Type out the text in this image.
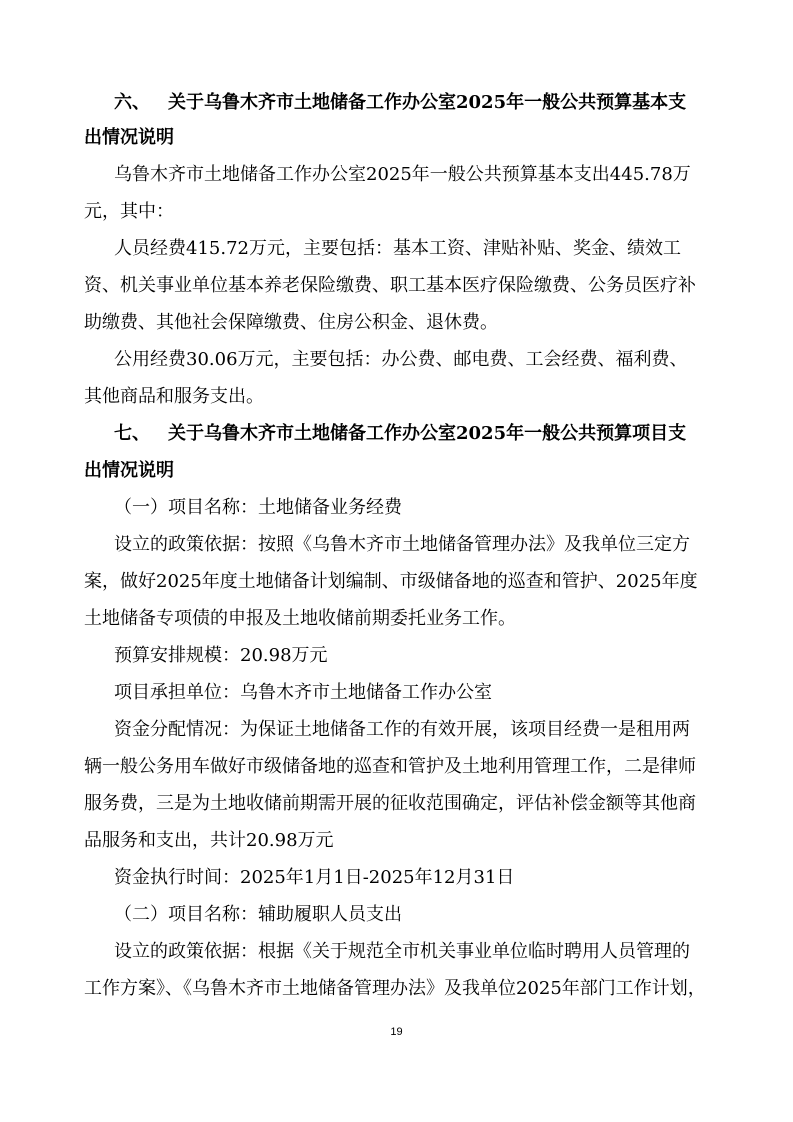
六、 关于乌鲁木齐市土地储备工作办公室2025年一般公共预算基本支
出情况说明
乌鲁木齐市土地储备工作办公室2025年一般公共预算基本支出445.78万
元，其中：
人员经费415.72万元，主要包括：基本工资、津贴补贴、奖金、绩效工
资、机关事业单位基本养老保险缴费、职工基本医疗保险缴费、公务员医疗补
助缴费、其他社会保障缴费、住房公积金、退休费。
公用经费30.06万元，主要包括：办公费、邮电费、工会经费、福利费、
其他商品和服务支出。
七、 关于乌鲁木齐市土地储备工作办公室2025年一般公共预算项目支
出情况说明
（一）项目名称：土地储备业务经费
设立的政策依据：按照《乌鲁木齐市土地储备管理办法》及我单位三定方
案，做好2025年度土地储备计划编制、市级储备地的巡查和管护、2025年度
土地储备专项债的申报及土地收储前期委托业务工作。
预算安排规模：20.98万元
项目承担单位：乌鲁木齐市土地储备工作办公室
资金分配情况：为保证土地储备工作的有效开展，该项目经费一是租用两
辆一般公务用车做好市级储备地的巡查和管护及土地利用管理工作，二是律师
服务费，三是为土地收储前期需开展的征收范围确定，评估补偿金额等其他商
品服务和支出，共计20.98万元
资金执行时间：2025年1月1日-2025年12月31日
（二）项目名称：辅助履职人员支出
设立的政策依据：根据《关于规范全市机关事业单位临时聘用人员管理的
工作方案》、《乌鲁木齐市土地储备管理办法》及我单位2025年部门工作计划，
19
